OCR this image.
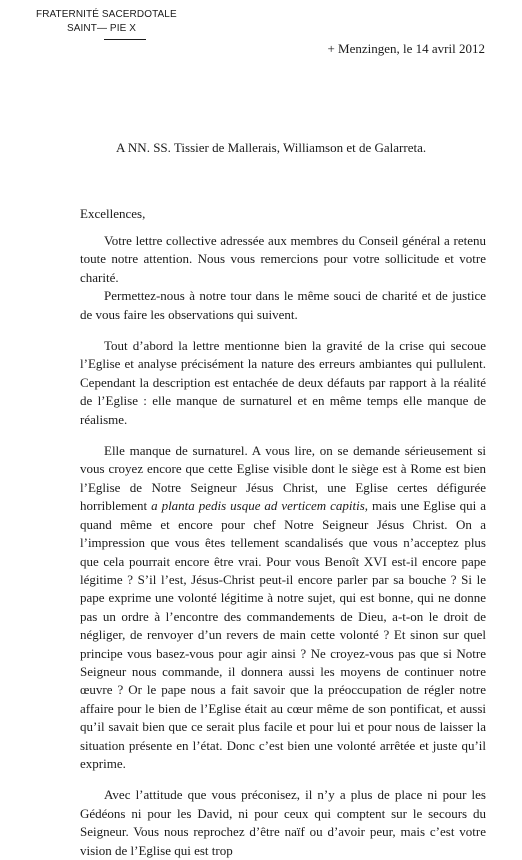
FRATERNITÉ SACERDOTALE
SAINT— PIE X
+ Menzingen, le 14 avril 2012
A NN. SS. Tissier de Mallerais, Williamson et de Galarreta.
Excellences,

Votre lettre collective adressée aux membres du Conseil général a retenu toute notre attention. Nous vous remercions pour votre sollicitude et votre charité.

Permettez-nous à notre tour dans le même souci de charité et de justice de vous faire les observations qui suivent.

Tout d’abord la lettre mentionne bien la gravité de la crise qui secoue l’Eglise et analyse précisément la nature des erreurs ambiantes qui pullulent. Cependant la description est entachée de deux défauts par rapport à la réalité de l’Eglise : elle manque de surnaturel et en même temps elle manque de réalisme.

Elle manque de surnaturel. A vous lire, on se demande sérieusement si vous croyez encore que cette Eglise visible dont le siège est à Rome est bien l’Eglise de Notre Seigneur Jésus Christ, une Eglise certes défigurée horriblement a planta pedis usque ad verticem capitis, mais une Eglise qui a quand même et encore pour chef Notre Seigneur Jésus Christ. On a l’impression que vous êtes tellement scandalisés que vous n’acceptez plus que cela pourrait encore être vrai. Pour vous Benoît XVI est-il encore pape légitime ? S’il l’est, Jésus-Christ peut-il encore parler par sa bouche ? Si le pape exprime une volonté légitime à notre sujet, qui est bonne, qui ne donne pas un ordre à l’encontre des commandements de Dieu, a-t-on le droit de négliger, de renvoyer d’un revers de main cette volonté ? Et sinon sur quel principe vous basez-vous pour agir ainsi ? Ne croyez-vous pas que si Notre Seigneur nous commande, il donnera aussi les moyens de continuer notre œuvre ? Or le pape nous a fait savoir que la préoccupation de régler notre affaire pour le bien de l’Eglise était au cœur même de son pontificat, et aussi qu’il savait bien que ce serait plus facile et pour lui et pour nous de laisser la situation présente en l’état. Donc c’est bien une volonté arrêtée et juste qu’il exprime.

Avec l’attitude que vous préconisez, il n’y a plus de place ni pour les Gédéons ni pour les David, ni pour ceux qui comptent sur le secours du Seigneur. Vous nous reprochez d’être naïf ou d’avoir peur, mais c’est votre vision de l’Eglise qui est trop
